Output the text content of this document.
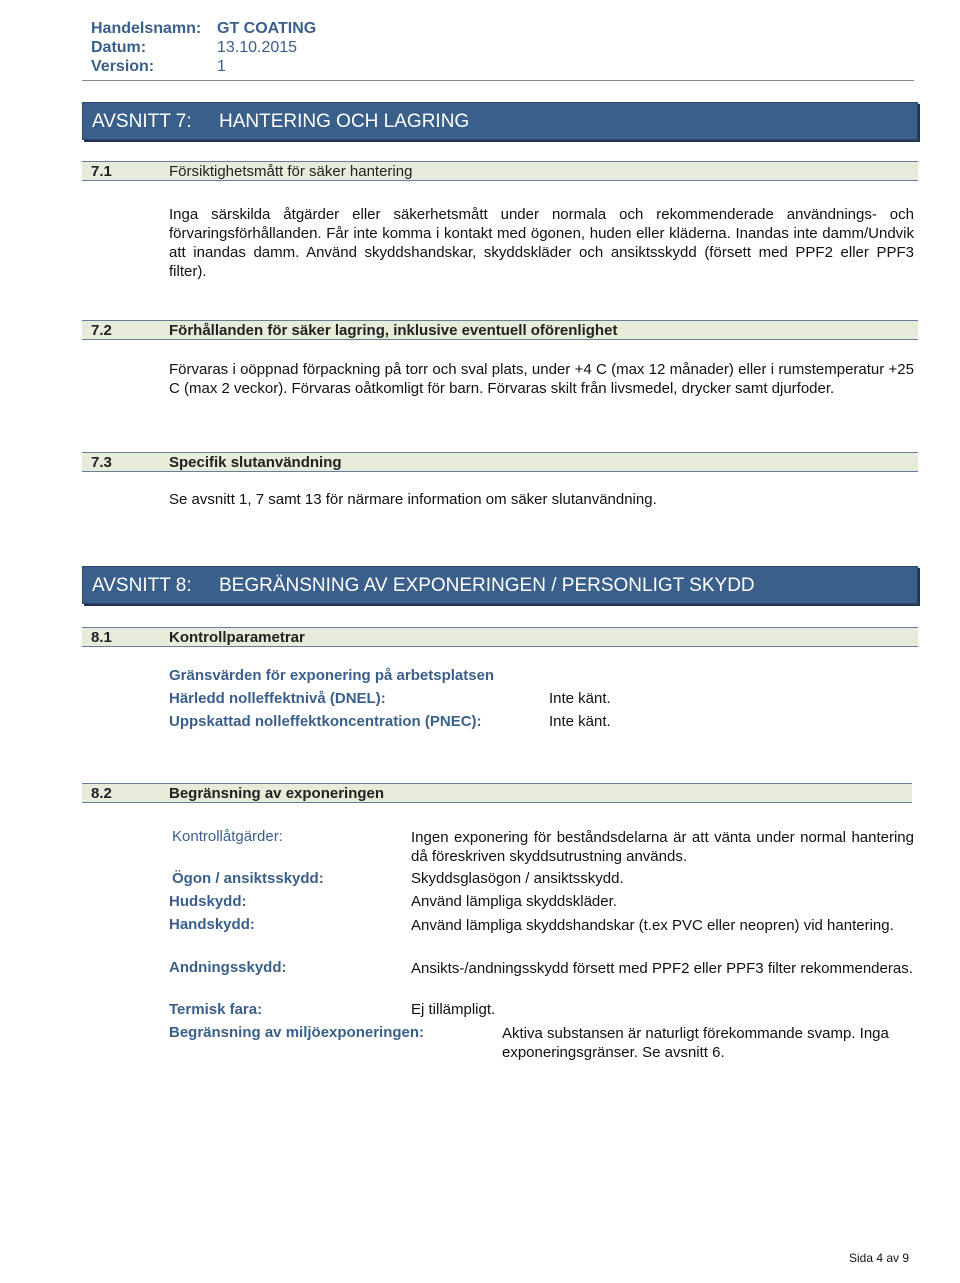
Handelsnamn: GT COATING
Datum:	13.10.2015
Version:	1
AVSNITT 7: HANTERING OCH LAGRING
7.1	Försiktighetsmått för säker hantering

Inga särskilda åtgärder eller säkerhetsmått under normala och rekommenderade användnings- och förvaringsförhållanden. Får inte komma i kontakt med ögonen, huden eller kläderna. Inandas inte damm/Undvik att inandas damm. Använd skyddshandskar, skyddskläder och ansiktsskydd (försett med PPF2 eller PPF3 filter).

7.2	Förhållanden för säker lagring, inklusive eventuell oförenlighet

Förvaras i oöppnad förpackning på torr och sval plats, under +4 C (max 12 månader) eller i rumstemperatur +25 C (max 2 veckor). Förvaras oåtkomligt för barn. Förvaras skilt från livsmedel, drycker samt djurfoder.

7.3	Specifik slutanvändning

Se avsnitt 1, 7 samt 13 för närmare information om säker slutanvändning.

AVSNITT 8: BEGRÄNSNING AV EXPONERINGEN / PERSONLIGT SKYDD
8.1	Kontrollparametrar
Gränsvärden för exponering på arbetsplatsen
Härledd nolleffektnivå (DNEL):	Inte känt.
Uppskattad nolleffektkoncentration (PNEC):	Inte känt.
8.2	Begränsning av exponeringen
Kontrollåtgärder:	Ingen exponering för beståndsdelarna är att vänta under normal hantering då föreskriven skyddsutrustning används.
Ögon / ansiktsskydd:	Skyddsglasögon / ansiktsskydd.
Hudskydd:	Använd lämpliga skyddskläder.
Handskydd:	Använd lämpliga skyddshandskar (t.ex PVC eller neopren) vid hantering.
Andningsskydd:	Ansikts-/andningsskydd försett med PPF2 eller PPF3 filter rekommenderas.
Termisk fara:	Ej tillämpligt.
Begränsning av miljöexponeringen:	Aktiva substansen är naturligt förekommande svamp. Inga exponeringsgränser. Se avsnitt 6.
Sida 4 av 9
